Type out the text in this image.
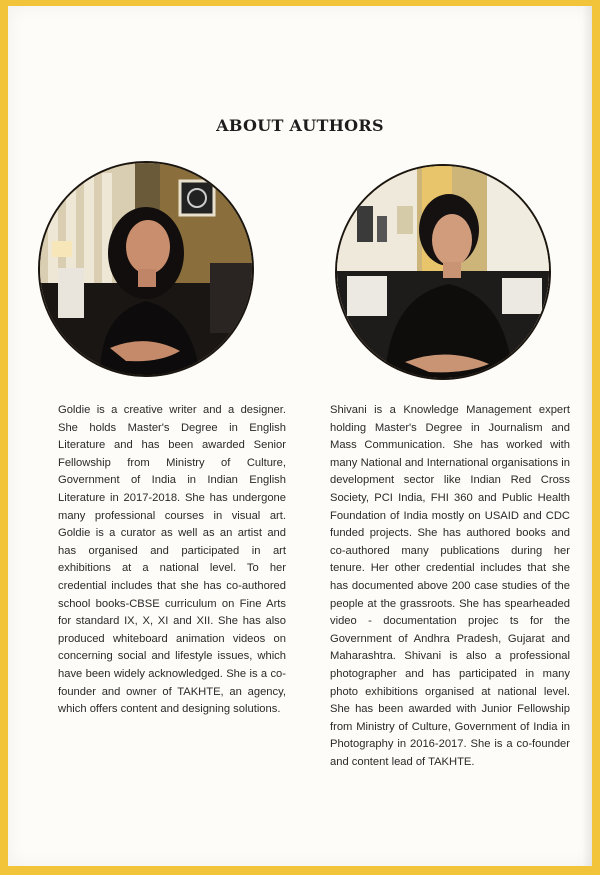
ABOUT AUTHORS

Goldie is a creative writer and a designer. She holds Master's Degree in English Literature and has been awarded Senior Fellowship from Ministry of Culture, Government of India in Indian English Literature in 2017-2018. She has undergone many professional courses in visual art. Goldie is a curator as well as an artist and has organised and participated in art exhibitions at a national level. To her credential includes that she has co-authored school books-CBSE curriculum on Fine Arts for standard IX, X, XI and XII. She has also produced whiteboard animation videos on concerning social and lifestyle issues, which have been widely acknowledged. She is a co-founder and owner of TAKHTE, an agency, which offers content and designing solutions.

Shivani is a Knowledge Management expert holding Master's Degree in Journalism and Mass Communication. She has worked with many National and International organisations in development sector like Indian Red Cross Society, PCI India, FHI 360 and Public Health Foundation of India mostly on USAID and CDC funded projects. She has authored books and co-authored many publications during her tenure. Her other credential includes that she has documented above 200 case studies of the people at the grassroots. She has spearheaded video - documentation projec ts for the Government of Andhra Pradesh, Gujarat and Maharashtra. Shivani is also a professional photographer and has participated in many photo exhibitions organised at national level. She has been awarded with Junior Fellowship from Ministry of Culture, Government of India in Photography in 2016-2017. She is a co-founder and content lead of TAKHTE.
